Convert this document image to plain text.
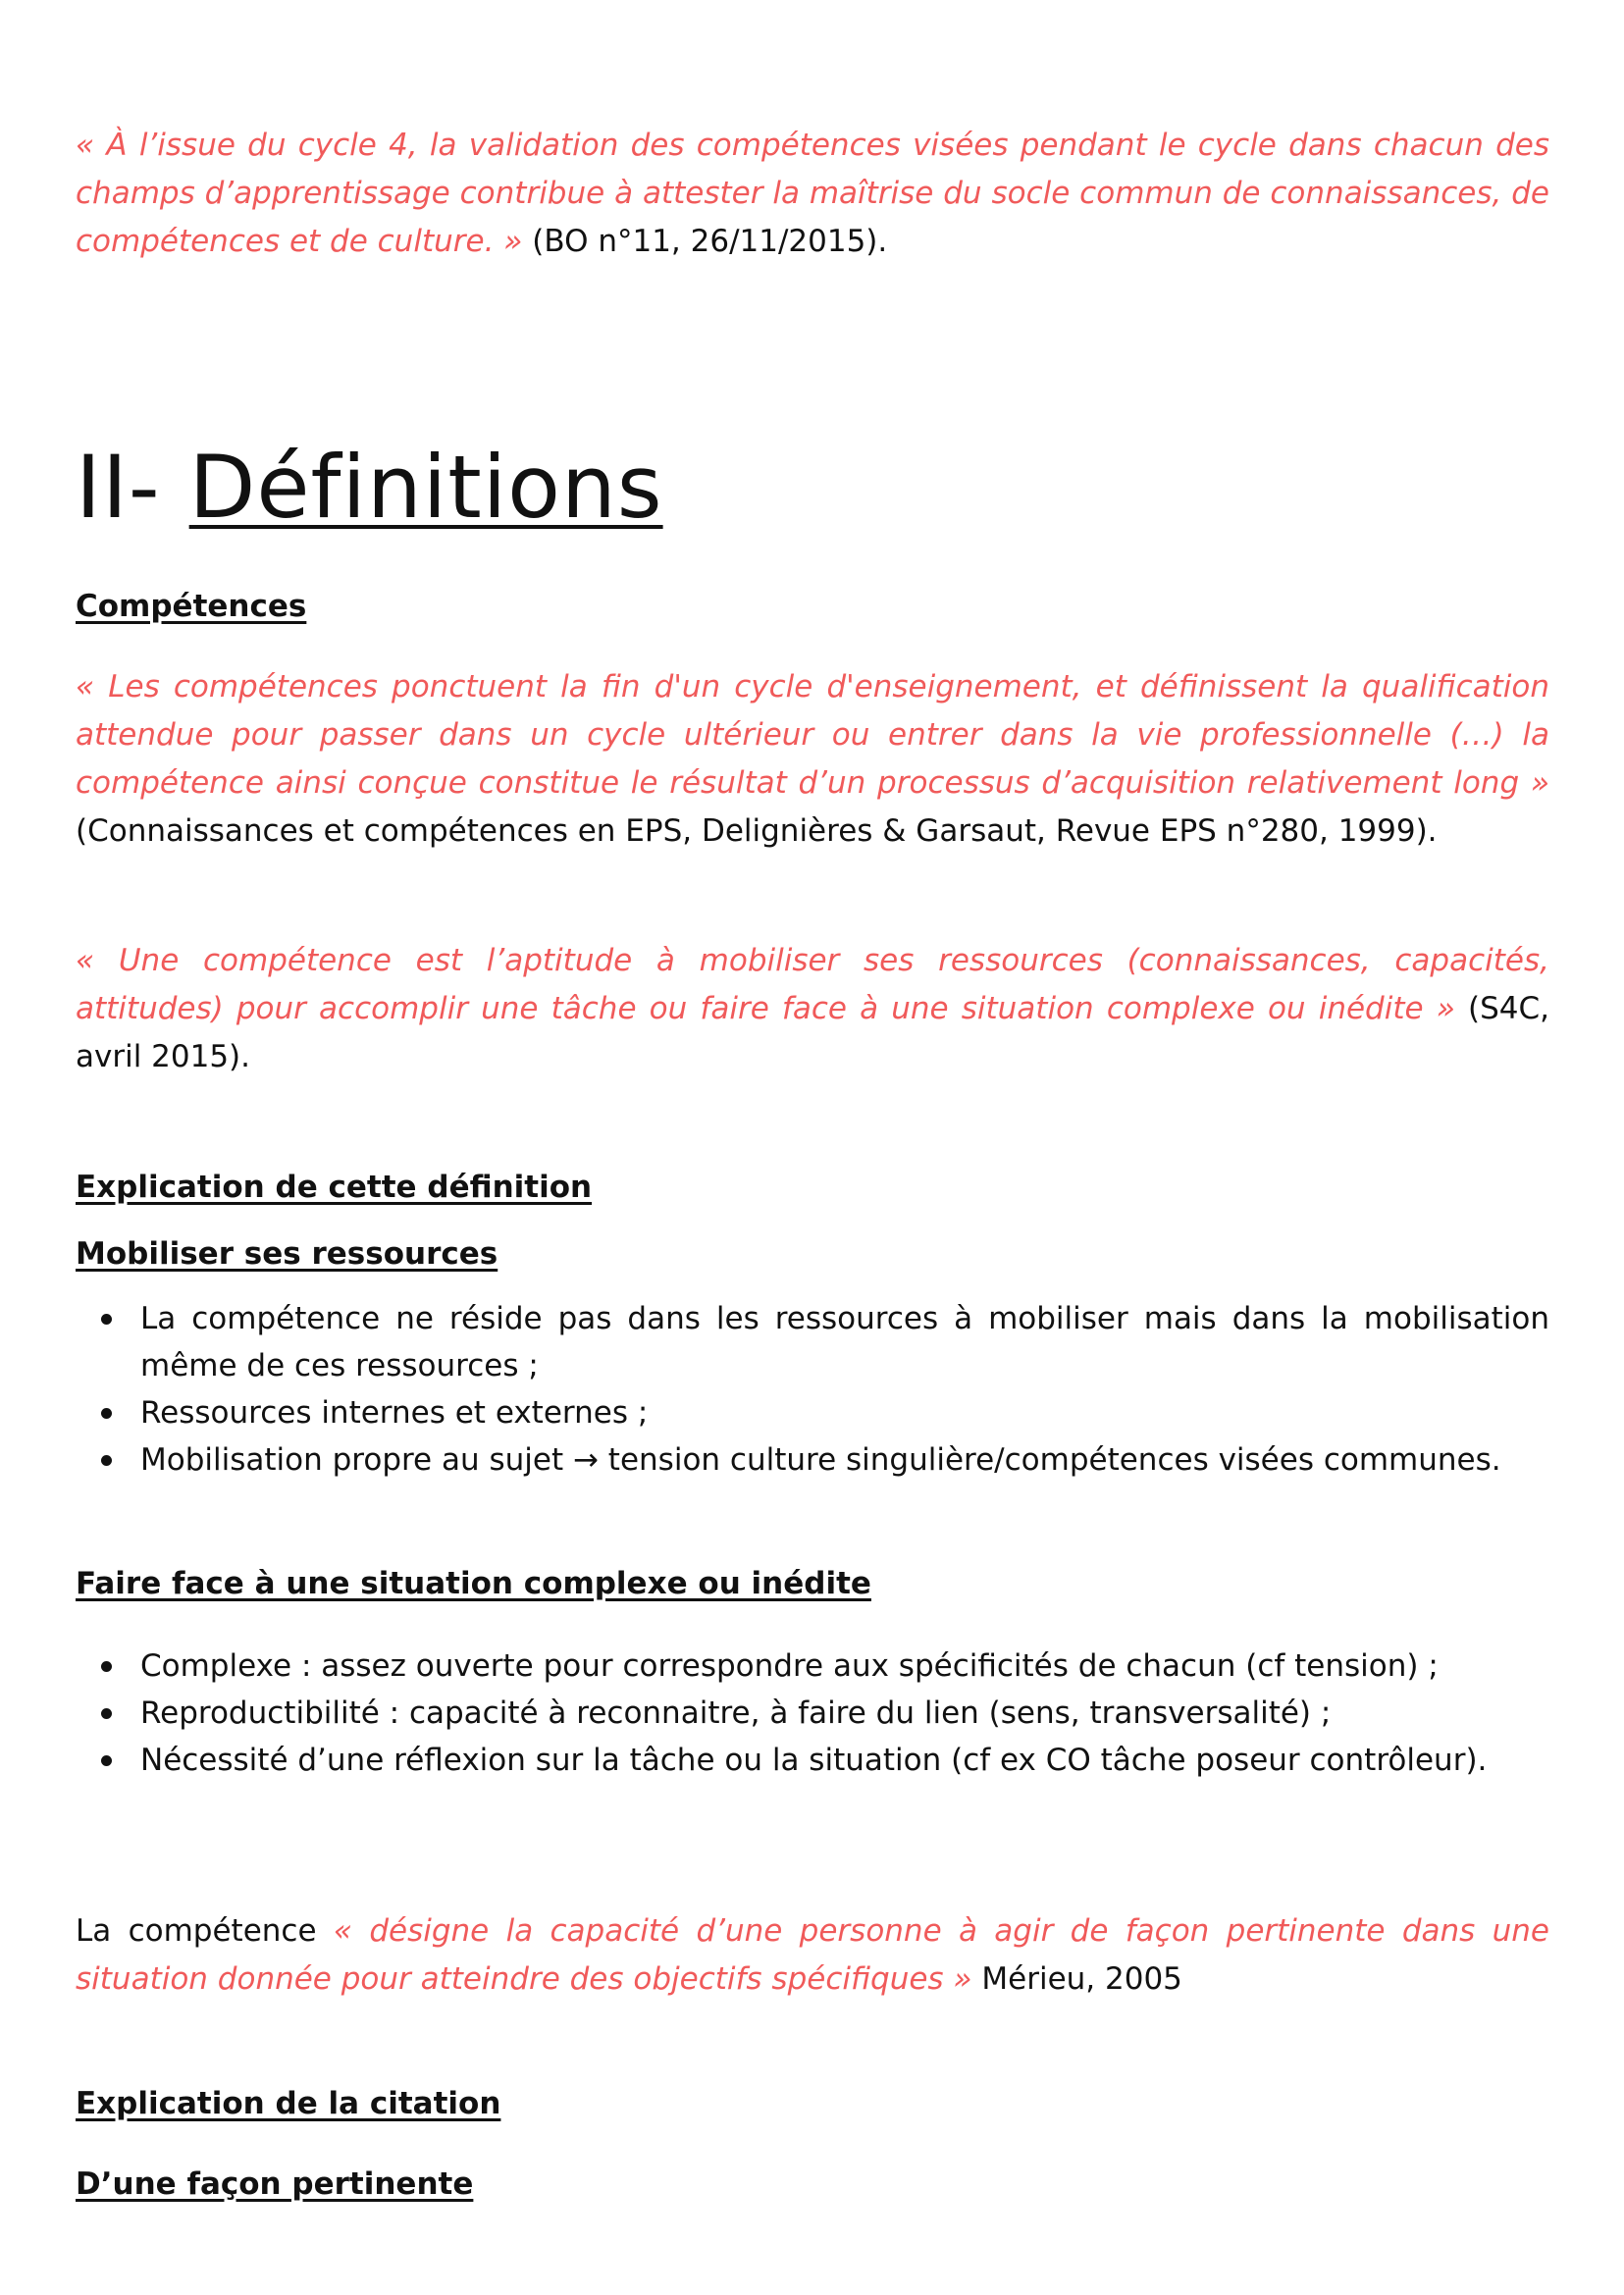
« À l’issue du cycle 4, la validation des compétences visées pendant le cycle dans chacun des champs d’apprentissage contribue à attester la maîtrise du socle commun de connaissances, de compétences et de culture. » (BO n°11, 26/11/2015).

II- Définitions
Compétences

« Les compétences ponctuent la fin d'un cycle d'enseignement, et définissent la qualification attendue pour passer dans un cycle ultérieur ou entrer dans la vie professionnelle (…) la compétence ainsi conçue constitue le résultat d’un processus d’acquisition relativement long » (Connaissances et compétences en EPS, Delignières & Garsaut, Revue EPS n°280, 1999).

« Une compétence est l’aptitude à mobiliser ses ressources (connaissances, capacités, attitudes) pour accomplir une tâche ou faire face à une situation complexe ou inédite » (S4C, avril 2015).

Explication de cette définition
Mobiliser ses ressources
La compétence ne réside pas dans les ressources à mobiliser mais dans la mobilisation même de ces ressources ;
Ressources internes et externes ;
Mobilisation propre au sujet → tension culture singulière/compétences visées communes.
Faire face à une situation complexe ou inédite
Complexe : assez ouverte pour correspondre aux spécificités de chacun (cf tension) ;
Reproductibilité : capacité à reconnaitre, à faire du lien (sens, transversalité) ;
Nécessité d’une réflexion sur la tâche ou la situation (cf ex CO tâche poseur contrôleur).

La compétence « désigne la capacité d’une personne à agir de façon pertinente dans une situation donnée pour atteindre des objectifs spécifiques » Mérieu, 2005

Explication de la citation
D’une façon pertinente
